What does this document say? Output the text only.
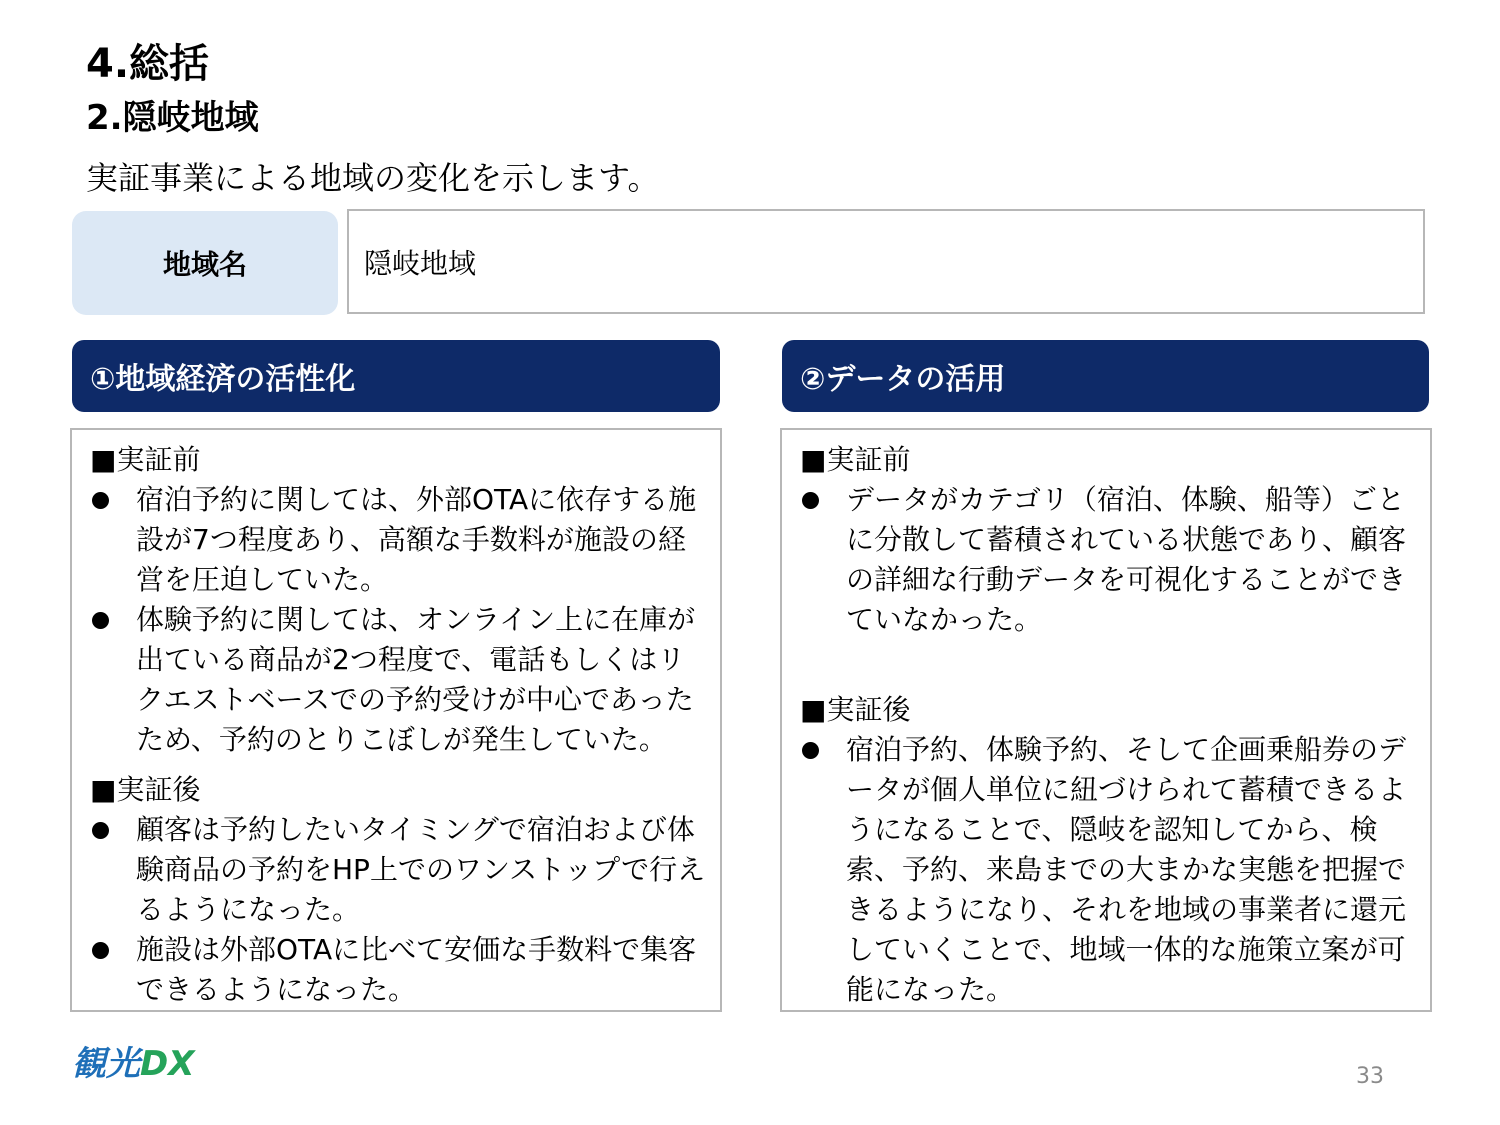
4.総括
2.隠岐地域
実証事業による地域の変化を示します。
地域名	隠岐地域
①地域経済の活性化	②データの活用
■実証前
宿泊予約に関しては、外部OTAに依存する施設が7つ程度あり、高額な手数料が施設の経営を圧迫していた。
体験予約に関しては、オンライン上に在庫が出ている商品が2つ程度で、電話もしくはリクエストベースでの予約受けが中心であったため、予約のとりこぼしが発生していた。
■実証後
顧客は予約したいタイミングで宿泊および体験商品の予約をHP上でのワンストップで行えるようになった。
施設は外部OTAに比べて安価な手数料で集客できるようになった。
■実証前
データがカテゴリ（宿泊、体験、船等）ごとに分散して蓄積されている状態であり、顧客の詳細な行動データを可視化することができていなかった。
■実証後
宿泊予約、体験予約、そして企画乗船券のデータが個人単位に紐づけられて蓄積できるようになることで、隠岐を認知してから、検索、予約、来島までの大まかな実態を把握できるようになり、それを地域の事業者に還元していくことで、地域一体的な施策立案が可能になった。
観光DX	33
